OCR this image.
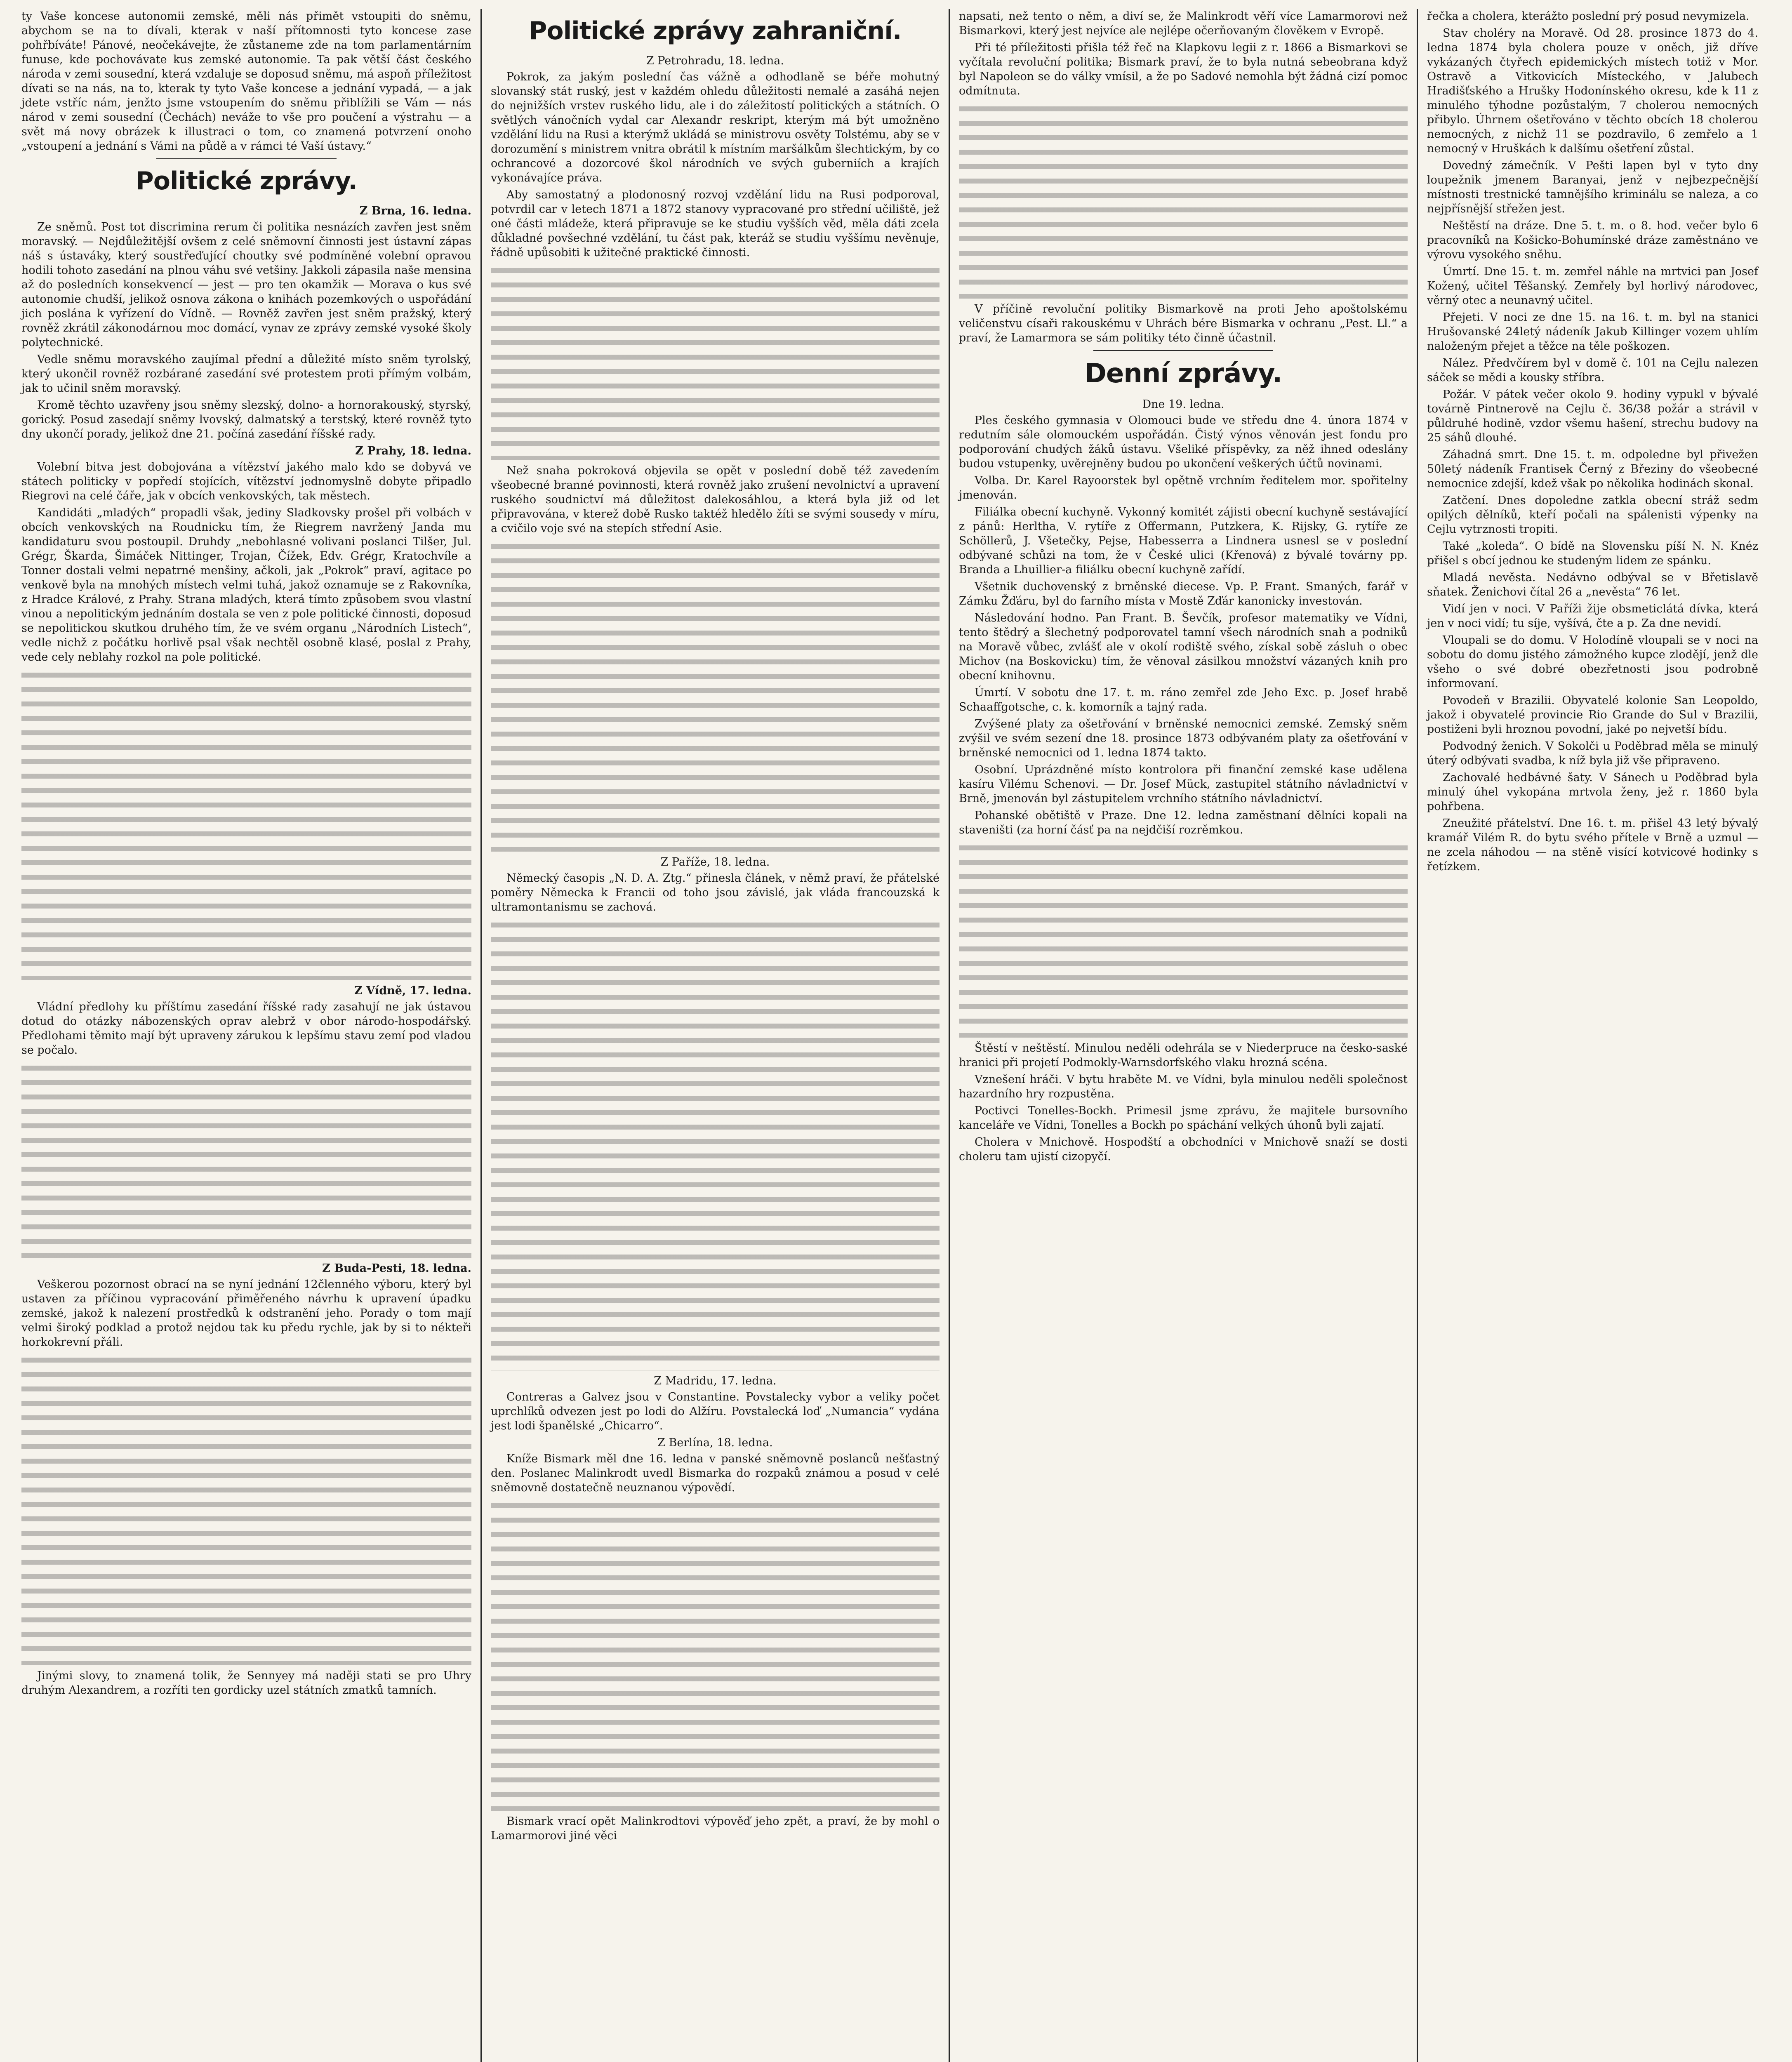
ty Vaše koncese autonomii zemské, měli nás přimět vstoupiti do sněmu, abychom se na to dívali, kterak v naší přítomnosti tyto koncese zase pohřbíváte! Pánové, neočekávejte, že zůstaneme zde na tom parlamentárním funuse, kde pochovávate kus zemské autonomie. Ta pak větší část českého národa v zemi sousední, která vzdaluje se doposud sněmu, má aspoň příležitost dívati se na nás, na to, kterak ty tyto Vaše koncese a jednání vypadá, — a jak jdete vstříc nám, jenžto jsme vstoupením do sněmu přiblížili se Vám — nás národ v zemi sousední (Čechách) neváže to vše pro poučení a výstrahu — a svět má novy obrázek k illustraci o tom, co znamená potvrzení onoho „vstoupení a jednání s Vámi na půdě a v rámci té Vaší ústavy.“

Politické zprávy.
Z Brna, 16. ledna.

Ze sněmů. Post tot discrimina rerum či politika nesnázích zavřen jest sněm moravský. — Nejdůležitější ovšem z celé sněmovní činnosti jest ústavní zápas náš s ústaváky, který soustřeďující choutky své podmíněné volební opravou hodili tohoto zasedání na plnou váhu své vetšiny. Jakkoli zápasila naše mensina až do posledních konsekvencí — jest — pro ten okamžik — Morava o kus své autonomie chudší, jelikož osnova zákona o knihách pozemkových o uspořádání jich poslána k vyřízení do Vídně. — Rovněž zavřen jest sněm pražský, který rovněž zkrátil zákonodárnou moc domácí, vynav ze zprávy zemské vysoké školy polytechnické.

Vedle sněmu moravského zaujímal přední a důležité místo sněm tyrolský, který ukončil rovněž rozbárané zasedání své protestem proti přímým volbám, jak to učinil sněm moravský.

Kromě těchto uzavřeny jsou sněmy slezský, dolno- a hornorakouský, styrský, gorický. Posud zasedají sněmy lvovský, dalmatský a terstský, které rovněž tyto dny ukončí porady, jelikož dne 21. počíná zasedání říšské rady.

Z Prahy, 18. ledna.

Volební bitva jest dobojována a vítězství jakého malo kdo se dobyvá ve státech politicky v popředí stojících, vítězství jednomyslně dobyte připadlo Riegrovi na celé čáře, jak v obcích venkovských, tak městech.

Kandidáti „mladých“ propadli však, jediny Sladkovsky prošel při volbách v obcích venkovských na Roudnicku tím, že Riegrem navržený Janda mu kandidaturu svou postoupil. Druhdy „nebohlasné volivani poslanci Tilšer, Jul. Grégr, Škarda, Šimáček Nittinger, Trojan, Čížek, Edv. Grégr, Kratochvíle a Tonner dostali velmi nepatrné menšiny, ačkoli, jak „Pokrok“ praví, agitace po venkově byla na mnohých místech velmi tuhá, jakož oznamuje se z Rakovníka, z Hradce Králové, z Prahy. Strana mladých, která tímto způsobem svou vlastní vinou a nepolitickým jednáním dostala se ven z pole politické činnosti, doposud se nepolitickou skutkou druhého tím, že ve svém organu „Národních Listech“, vedle nichž z počátku horlivě psal však nechtěl osobně klasé, poslal z Prahy, vede cely neblahy rozkol na pole politické.

Z Vídně, 17. ledna.

Vládní předlohy ku příštímu zasedání říšské rady zasahují ne jak ústavou dotud do otázky nábozenských oprav alebrž v obor národo-hospodářský. Předlohami těmito mají být upraveny zárukou k lepšímu stavu zemí pod vladou se počalo.

Z Buda-Pesti, 18. ledna.

Veškerou pozornost obrací na se nyní jednání 12členného výboru, který byl ustaven za příčinou vypracování přiměřeného návrhu k upravení úpadku zemské, jakož k nalezení prostředků k odstranění jeho. Porady o tom mají velmi široký podklad a protož nejdou tak ku předu rychle, jak by si to nékteři horkokrevní přáli.

Jinými slovy, to znamená tolik, že Sennyey má naději stati se pro Uhry druhým Alexandrem, a rozříti ten gordicky uzel státních zmatků tamních.

Politické zprávy zahraniční.
Z Petrohradu, 18. ledna.

Pokrok, za jakým poslední čas vážně a odhodlaně se béře mohutný slovanský stát ruský, jest v každém ohledu důležitosti nemalé a zasáhá nejen do nejnižších vrstev ruského lidu, ale i do záležitostí politických a státních. O světlých vánočních vydal car Alexandr reskript, kterým má být umožněno vzdělání lidu na Rusi a kterýmž ukládá se ministrovu osvěty Tolstému, aby se v dorozumění s ministrem vnitra obrátil k místním maršálkům šlechtickým, by co ochrancové a dozorcové škol národních ve svých guberniích a krajích vykonávajíce práva.

Aby samostatný a plodonosný rozvoj vzdělání lidu na Rusi podporoval, potvrdil car v letech 1871 a 1872 stanovy vypracované pro střední učiliště, jež oné části mládeže, která připravuje se ke studiu vyšších věd, měla dáti zcela důkladné povšechné vzdělání, tu část pak, kteráž se studiu vyššímu nevěnuje, řádně upůsobiti k užitečné praktické činnosti.

Než snaha pokroková objevila se opět v poslední době též zavedením všeobecné branné povinnosti, která rovněž jako zrušení nevolnictví a upravení ruského soudnictví má důležitost dalekosáhlou, a která byla již od let připravována, v kterež době Rusko taktéž hledělo žíti se svými sousedy v míru, a cvičilo voje své na stepích střední Asie.

Z Paříže, 18. ledna.

Německý časopis „N. D. A. Ztg.“ přinesla článek, v němž praví, že přátelské poměry Německa k Francii od toho jsou závislé, jak vláda francouzská k ultramontanismu se zachová.

Z Madridu, 17. ledna.

Contreras a Galvez jsou v Constantine. Povstalecky vybor a veliky počet uprchlíků odvezen jest po lodi do Alžíru. Povstalecká loď „Numancia“ vydána jest lodi španělské „Chicarro“.

Z Berlína, 18. ledna.

Kníže Bismark měl dne 16. ledna v panské sněmovně poslanců nešťastný den. Poslanec Malinkrodt uvedl Bismarka do rozpaků známou a posud v celé sněmovně dostatečně neuznanou výpovědí.

Bismark vrací opět Malinkrodtovi výpověď jeho zpět, a praví, že by mohl o Lamarmorovi jiné věci

napsati, než tento o něm, a diví se, že Malinkrodt věří více Lamarmorovi než Bismarkovi, který jest nejvíce ale nejlépe očerňovaným člověkem v Evropě.

Při té příležitosti přišla též řeč na Klapkovu legii z r. 1866 a Bismarkovi se vyčítala revoluční politika; Bismark praví, že to byla nutná sebeobrana když byl Napoleon se do války vmísil, a že po Sadové nemohla být žádná cizí pomoc odmítnuta.

V příčině revoluční politiky Bismarkově na proti Jeho apoštolskému veličenstvu císaři rakouskému v Uhrách bére Bismarka v ochranu „Pest. Ll.“ a praví, že Lamarmora se sám politiky této činně účastnil.

Denní zprávy.
Dne 19. ledna.

Ples českého gymnasia v Olomouci bude ve středu dne 4. února 1874 v redutním sále olomouckém uspořádán. Čistý výnos věnován jest fondu pro podporování chudých žáků ústavu. Všeliké příspěvky, za něž ihned odeslány budou vstupenky, uvěrejněny budou po ukončení veškerých účtů novinami.

Volba. Dr. Karel Rayoorstek byl opětně vrchním ředitelem mor. spořitelny jmenován.

Filiálka obecní kuchyně. Vykonný komitét zájisti obecní kuchyně sestávající z pánů: Herltha, V. rytíře z Offermann, Putzkera, K. Rijsky, G. rytíře ze Schöllerů, J. Všetečky, Pejse, Habesserra a Lindnera usnesl se v poslední odbývané schůzi na tom, že v České ulici (Křenová) z bývalé továrny pp. Branda a Lhuillier-a filiálku obecní kuchyně zařídí.

Všetnik duchovenský z brněnské diecese. Vp. P. Frant. Smaných, farář v Zámku Žďáru, byl do farního místa v Mostě Zďár kanonicky investován.

Následování hodno. Pan Frant. B. Ševčík, profesor matematiky ve Vídni, tento štědrý a šlechetný podporovatel tamní všech národních snah a podniků na Moravě vůbec, zvlášť ale v okolí rodiště svého, získal sobě zásluh o obec Michov (na Boskovicku) tím, že věnoval zásilkou množství vázaných knih pro obecní knihovnu.

Úmrtí. V sobotu dne 17. t. m. ráno zemřel zde Jeho Exc. p. Josef hrabě Schaaffgotsche, c. k. komorník a tajný rada.

Zvýšené platy za ošetřování v brněnské nemocnici zemské. Zemský sněm zvýšil ve svém sezení dne 18. prosince 1873 odbývaném platy za ošetřování v brněnské nemocnici od 1. ledna 1874 takto.

Osobní. Uprázdněné místo kontrolora při finanční zemské kase udělena kasíru Vilému Schenovi. — Dr. Josef Mück, zastupitel státního návladnictví v Brně, jmenován byl zástupitelem vrchního státního návladnictví.

Pohanské obětiště v Praze. Dne 12. ledna zaměstnaní dělníci kopali na staveništi (za horní čásť pa na nejdčiší rozrěmkou.

Štěstí v neštěstí. Minulou neděli odehrála se v Niederpruce na česko-saské hranici při projetí Podmokly-Warnsdorfského vlaku hrozná scéna.

Vznešení hráči. V bytu hraběte M. ve Vídni, byla minulou neděli společnost hazardního hry rozpustěna.

Poctivci Tonelles-Bockh. Primesil jsme zprávu, že majitele bursovního kanceláře ve Vídni, Tonelles a Bockh po spáchání velkých úhonů byli zajatí.

Cholera v Mnichově. Hospodští a obchodníci v Mnichově snaží se dosti choleru tam ujistí cizopyčí.

řečka a cholera, kterážto poslední prý posud nevymizela.

Stav choléry na Moravě. Od 28. prosince 1873 do 4. ledna 1874 byla cholera pouze v oněch, již dříve vykázaných čtyřech epidemických místech totiž v Mor. Ostravě a Vitkovicích Místeckého, v Jalubech Hradišťského a Hrušky Hodonínského okresu, kde k 11 z minulého týhodne pozůstalým, 7 cholerou nemocných přibylo. Úhrnem ošetřováno v těchto obcích 18 cholerou nemocných, z nichž 11 se pozdravilo, 6 zemřelo a 1 nemocný v Hruškách k dalšímu ošetření zůstal.

Dovedný zámečník. V Pešti lapen byl v tyto dny loupežnik jmenem Baranyai, jenž v nejbezpečnější místnosti trestnické tamnějšího kriminálu se naleza, a co nejpřísnější střežen jest.

Neštěstí na dráze. Dne 5. t. m. o 8. hod. večer bylo 6 pracovníků na Košicko-Bohumínské dráze zaměstnáno ve výrovu vysokého sněhu.

Úmrtí. Dne 15. t. m. zemřel náhle na mrtvici pan Josef Kožený, učitel Těšanský. Zemřely byl horlivý národovec, věrný otec a neunavný učitel.

Přejeti. V noci ze dne 15. na 16. t. m. byl na stanici Hrušovanské 24letý nádeník Jakub Killinger vozem uhlím naloženým přejet a těžce na těle poškozen.

Nález. Předvčírem byl v domě č. 101 na Cejlu nalezen sáček se mědi a kousky stříbra.

Požár. V pátek večer okolo 9. hodiny vypukl v bývalé továrně Pintnerově na Cejlu č. 36/38 požár a strávil v půldruhé hodině, vzdor všemu hašení, strechu budovy na 25 sáhů dlouhé.

Záhadná smrt. Dne 15. t. m. odpoledne byl přivežen 50letý nádeník Frantisek Černý z Březiny do všeobecné nemocnice zdejší, kdež však po několika hodinách skonal.

Zatčení. Dnes dopoledne zatkla obecní stráž sedm opilých dělníků, kteří počali na spálenisti výpenky na Cejlu vytrznosti tropiti.

Také „koleda“. O bídě na Slovensku píší N. N. Knéz přišel s obcí jednou ke studeným lidem ze spánku.

Mladá nevěsta. Nedávno odbýval se v Břetislavě sňatek. Ženichovi čítal 26 a „nevěsta“ 76 let.

Vidí jen v noci. V Paříži žije obsmeticlátá dívka, která jen v noci vidí; tu síje, vyšívá, čte a p. Za dne nevidí.

Vloupali se do domu. V Holodíně vloupali se v noci na sobotu do domu jistého zámožného kupce zlodějí, jenž dle všeho o své dobré obezřetnosti jsou podrobně informovaní.

Povodeň v Brazilii. Obyvatelé kolonie San Leopoldo, jakož i obyvatelé provincie Rio Grande do Sul v Brazilii, postiženi byli hroznou povodní, jaké po nejvetší bídu.

Podvodný ženich. V Sokolči u Poděbrad měla se minulý úterý odbývati svadba, k níž byla již vše připraveno.

Zachovalé hedbávné šaty. V Sánech u Poděbrad byla minulý úhel vykopána mrtvola ženy, jež r. 1860 byla pohřbena.

Zneužité přátelství. Dne 16. t. m. přišel 43 letý bývalý kramář Vilém R. do bytu svého přítele v Brně a uzmul — ne zcela náhodou — na stěně visící kotvicové hodinky s řetízkem.
